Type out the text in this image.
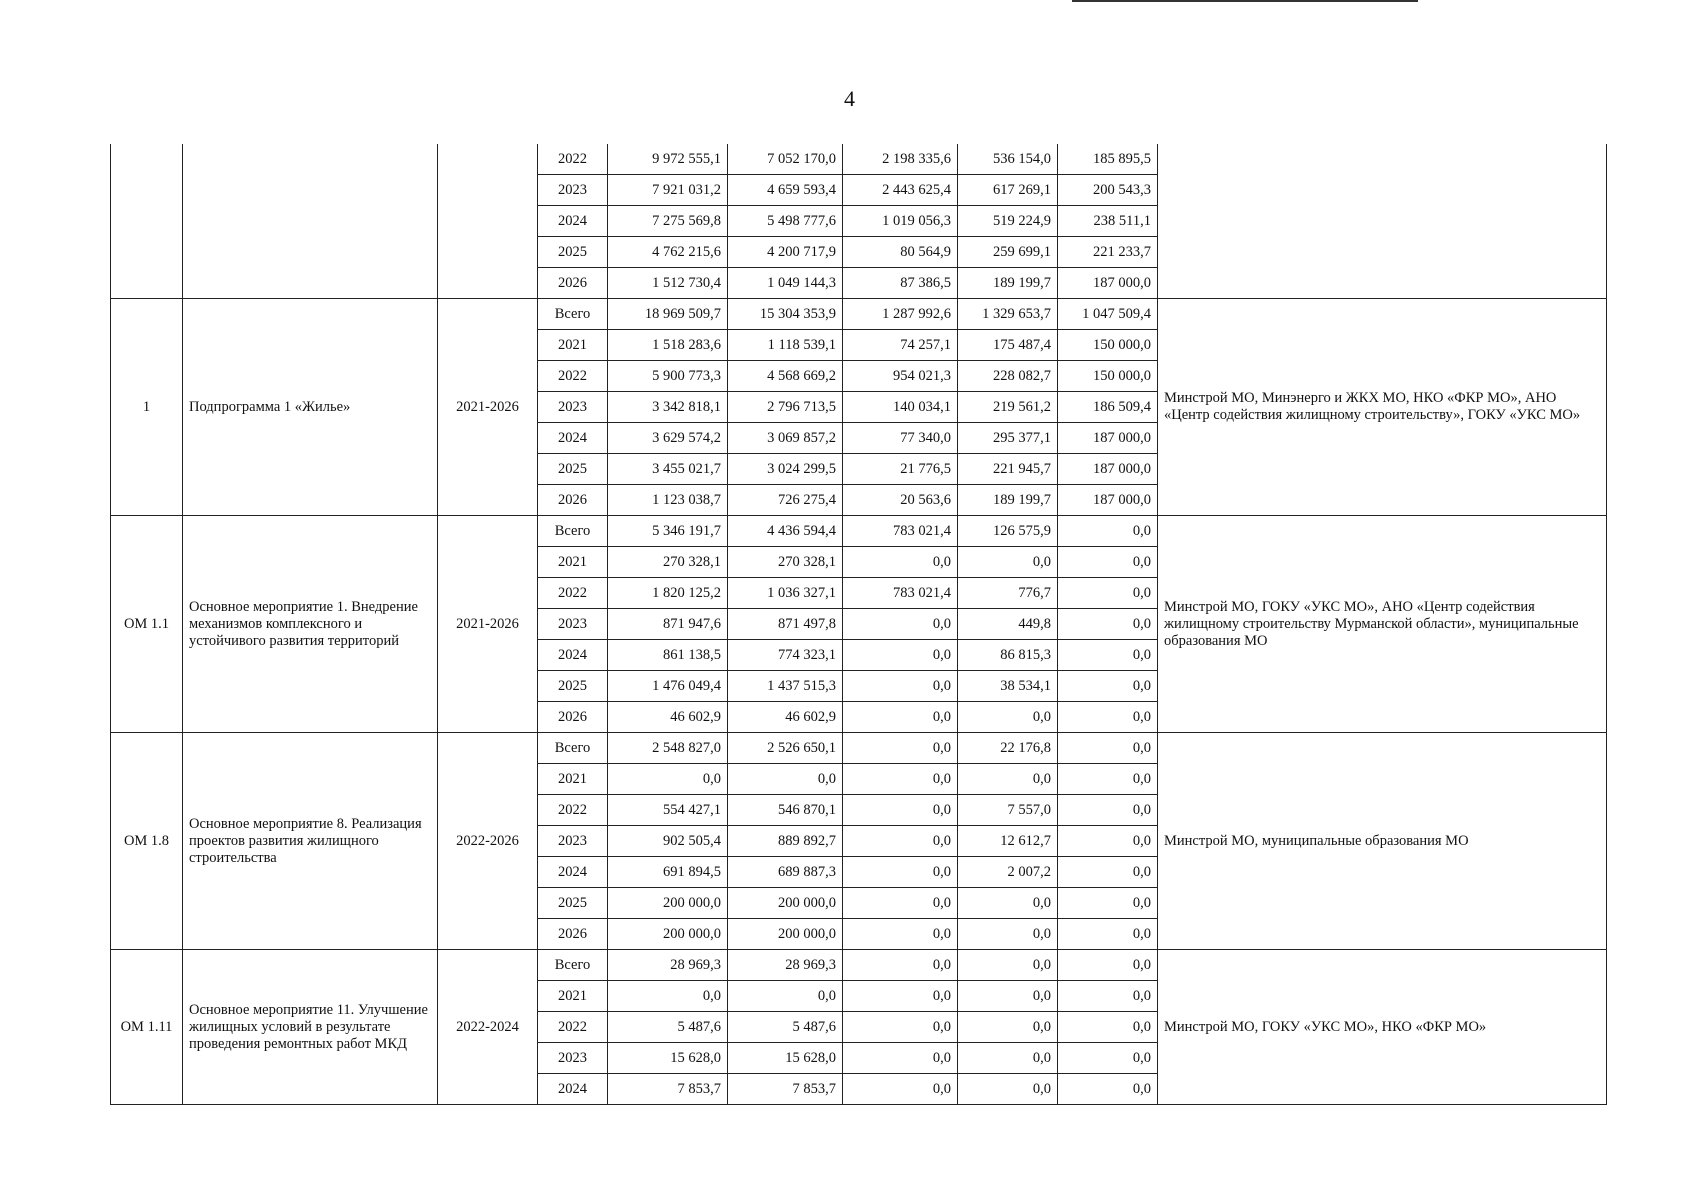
4
			2022	9 972 555,1	7 052 170,0	2 198 335,6	536 154,0	185 895,5	
			2023	7 921 031,2	4 659 593,4	2 443 625,4	617 269,1	200 543,3	
			2024	7 275 569,8	5 498 777,6	1 019 056,3	519 224,9	238 511,1	
			2025	4 762 215,6	4 200 717,9	80 564,9	259 699,1	221 233,7	
			2026	1 512 730,4	1 049 144,3	87 386,5	189 199,7	187 000,0	
1	Подпрограмма 1 «Жилье»	2021-2026	Всего	18 969 509,7	15 304 353,9	1 287 992,6	1 329 653,7	1 047 509,4	Минстрой МО, Минэнерго и ЖКХ МО, НКО «ФКР МО», АНО «Центр содействия жилищному строительству», ГОКУ «УКС МО»
			2021	1 518 283,6	1 118 539,1	74 257,1	175 487,4	150 000,0	
			2022	5 900 773,3	4 568 669,2	954 021,3	228 082,7	150 000,0	
			2023	3 342 818,1	2 796 713,5	140 034,1	219 561,2	186 509,4	
			2024	3 629 574,2	3 069 857,2	77 340,0	295 377,1	187 000,0	
			2025	3 455 021,7	3 024 299,5	21 776,5	221 945,7	187 000,0	
			2026	1 123 038,7	726 275,4	20 563,6	189 199,7	187 000,0	
ОМ 1.1	Основное мероприятие 1. Внедрение механизмов комплексного и устойчивого развития территорий	2021-2026	Всего	5 346 191,7	4 436 594,4	783 021,4	126 575,9	0,0	Минстрой МО, ГОКУ «УКС МО», АНО «Центр содействия жилищному строительству Мурманской области», муниципальные образования МО
			2021	270 328,1	270 328,1	0,0	0,0	0,0	
			2022	1 820 125,2	1 036 327,1	783 021,4	776,7	0,0	
			2023	871 947,6	871 497,8	0,0	449,8	0,0	
			2024	861 138,5	774 323,1	0,0	86 815,3	0,0	
			2025	1 476 049,4	1 437 515,3	0,0	38 534,1	0,0	
			2026	46 602,9	46 602,9	0,0	0,0	0,0	
ОМ 1.8	Основное мероприятие 8. Реализация проектов развития жилищного строительства	2022-2026	Всего	2 548 827,0	2 526 650,1	0,0	22 176,8	0,0	Минстрой МО, муниципальные образования МО
			2021	0,0	0,0	0,0	0,0	0,0	
			2022	554 427,1	546 870,1	0,0	7 557,0	0,0	
			2023	902 505,4	889 892,7	0,0	12 612,7	0,0	
			2024	691 894,5	689 887,3	0,0	2 007,2	0,0	
			2025	200 000,0	200 000,0	0,0	0,0	0,0	
			2026	200 000,0	200 000,0	0,0	0,0	0,0	
ОМ 1.11	Основное мероприятие 11. Улучшение жилищных условий в результате проведения ремонтных работ МКД	2022-2024	Всего	28 969,3	28 969,3	0,0	0,0	0,0	Минстрой МО, ГОКУ «УКС МО», НКО «ФКР МО»
			2021	0,0	0,0	0,0	0,0	0,0	
			2022	5 487,6	5 487,6	0,0	0,0	0,0	
			2023	15 628,0	15 628,0	0,0	0,0	0,0	
			2024	7 853,7	7 853,7	0,0	0,0	0,0	
